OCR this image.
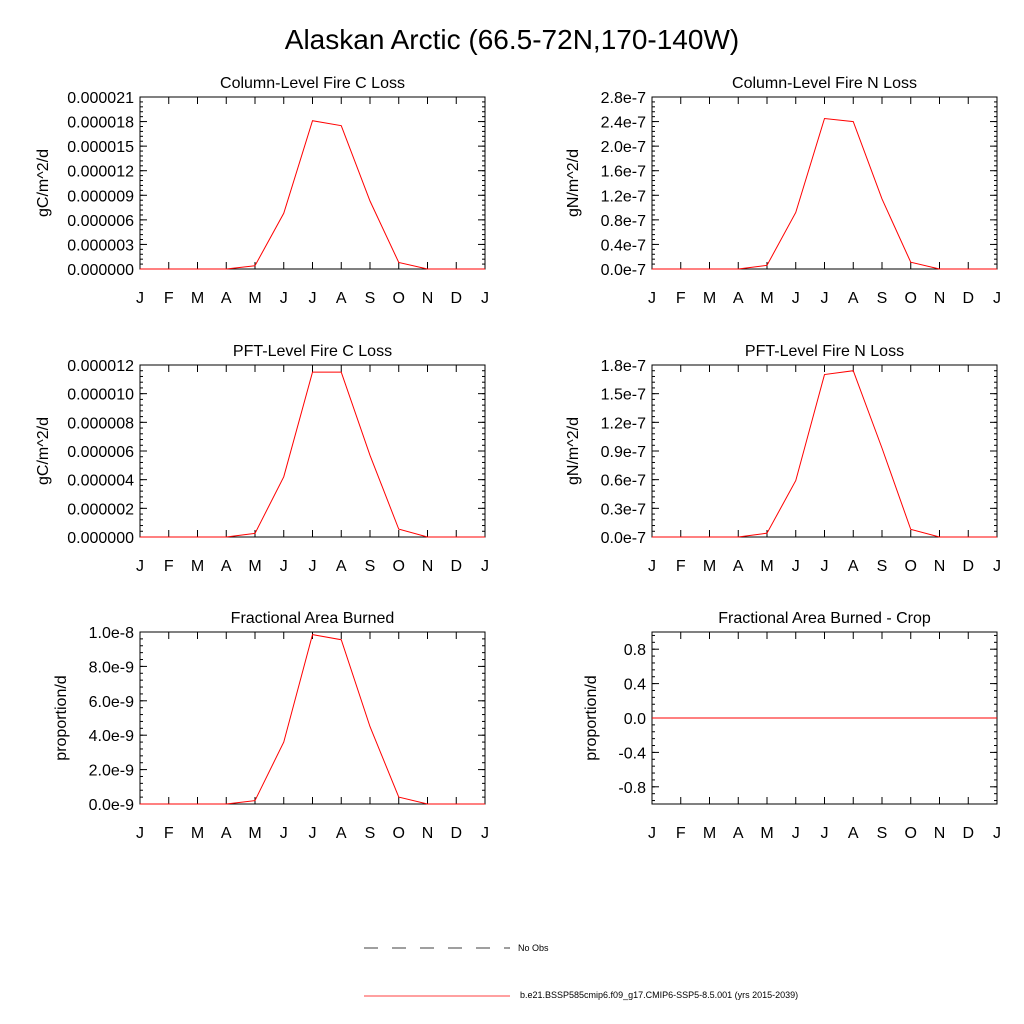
Alaskan Arctic (66.5-72N,170-140W)
J F M A M J J A S O N D J
0.000000
0.000003
0.000006
0.000009
0.000012
0.000015
0.000018
0.000021
Column-Level Fire C Loss
gC/m^2/d
J F M A M J J A S O N D J
0.0e-7
0.4e-7
0.8e-7
1.2e-7
1.6e-7
2.0e-7
2.4e-7
2.8e-7
Column-Level Fire N Loss
gN/m^2/d
J F M A M J J A S O N D J
0.000000
0.000002
0.000004
0.000006
0.000008
0.000010
0.000012
PFT-Level Fire C Loss
gC/m^2/d
J F M A M J J A S O N D J
0.0e-7
0.3e-7
0.6e-7
0.9e-7
1.2e-7
1.5e-7
1.8e-7
PFT-Level Fire N Loss
gN/m^2/d
J F M A M J J A S O N D J
0.0e-9
2.0e-9
4.0e-9
6.0e-9
8.0e-9
1.0e-8
Fractional Area Burned
proportion/d
J F M A M J J A S O N D J
-0.8
-0.4
0.0
0.4
0.8
Fractional Area Burned - Crop
proportion/d
No Obs
b.e21.BSSP585cmip6.f09_g17.CMIP6-SSP5-8.5.001 (yrs 2015-2039)
